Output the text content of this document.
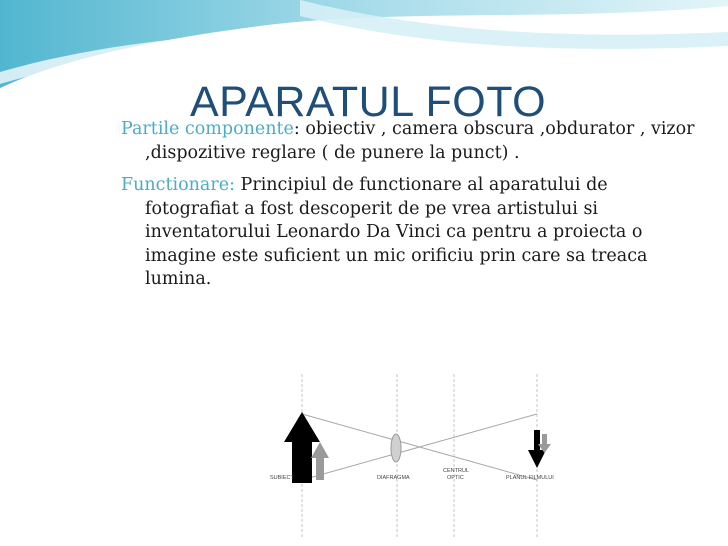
APARATUL FOTO

Partile componente: obiectiv , camera obscura ,obdurator , vizor ,dispozitive reglare ( de punere la punct) .

Functionare: Principiul de functionare al aparatului de fotografiat a fost descoperit de pe vrea artistului si inventatorului Leonardo Da Vinci ca pentru a proiecta o imagine este suficient un mic orificiu prin care sa treaca lumina.

SUBIECT	DIAFRAGMA
CENTRUL
OPTIC	PLANUL FILMULUI
